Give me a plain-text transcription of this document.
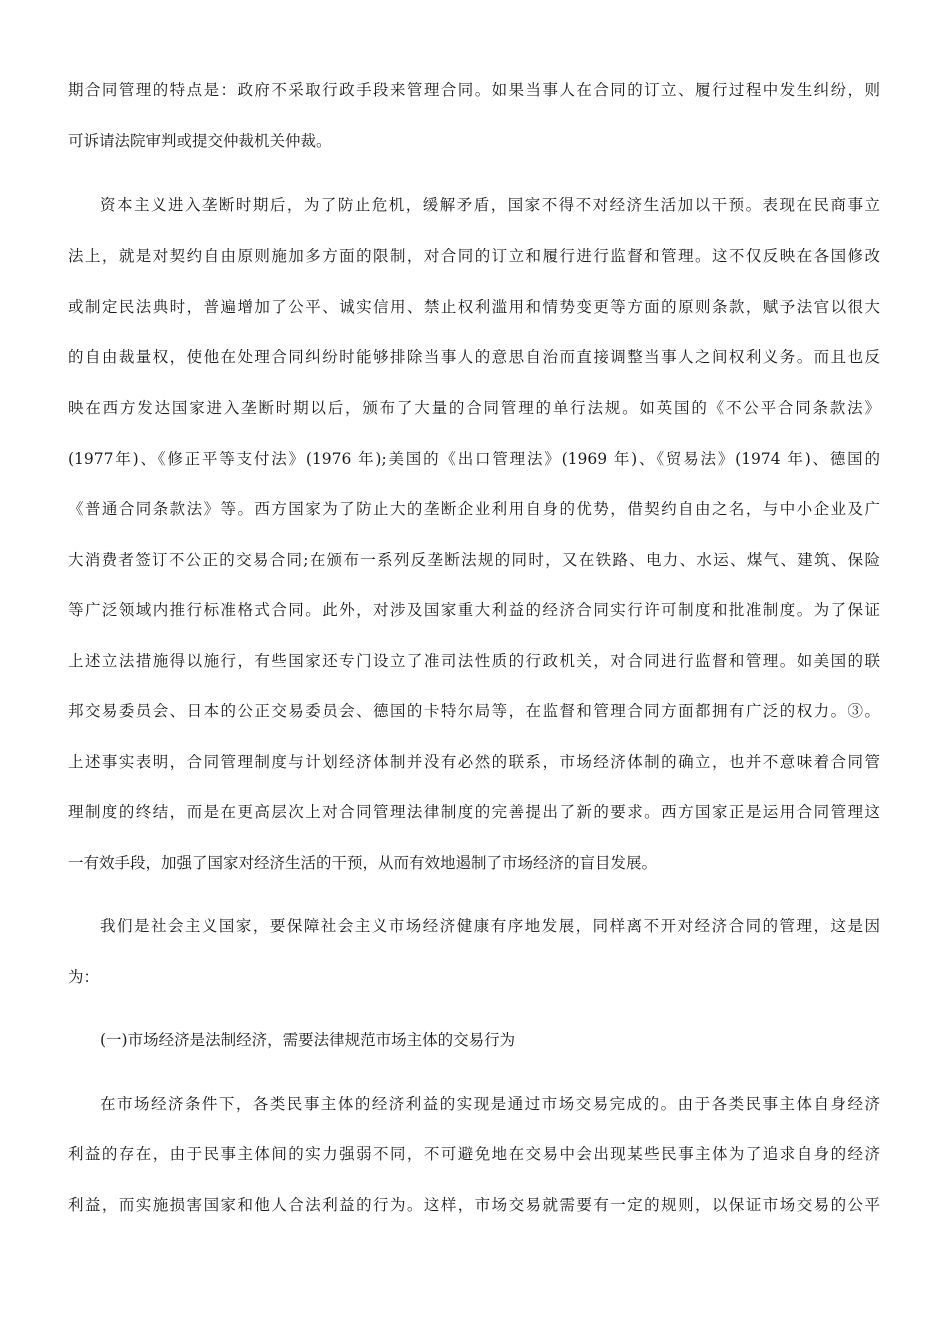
期合同管理的特点是：政府不采取行政手段来管理合同。如果当事人在合同的订立、履行过程中发生纠纷，则
可诉请法院审判或提交仲裁机关仲裁。
资本主义进入垄断时期后，为了防止危机，缓解矛盾，国家不得不对经济生活加以干预。表现在民商事立
法上，就是对契约自由原则施加多方面的限制，对合同的订立和履行进行监督和管理。这不仅反映在各国修改
或制定民法典时，普遍增加了公平、诚实信用、禁止权利滥用和情势变更等方面的原则条款，赋予法官以很大
的自由裁量权，使他在处理合同纠纷时能够排除当事人的意思自治而直接调整当事人之间权利义务。而且也反
映在西方发达国家进入垄断时期以后，颁布了大量的合同管理的单行法规。如英国的《不公平合同条款法》
(1977年)、《修正平等支付法》(1976 年);美国的《出口管理法》(1969 年)、《贸易法》(1974 年)、德国的
《普通合同条款法》等。西方国家为了防止大的垄断企业利用自身的优势，借契约自由之名，与中小企业及广
大消费者签订不公正的交易合同;在颁布一系列反垄断法规的同时，又在铁路、电力、水运、煤气、建筑、保险
等广泛领域内推行标准格式合同。此外，对涉及国家重大利益的经济合同实行许可制度和批准制度。为了保证
上述立法措施得以施行，有些国家还专门设立了准司法性质的行政机关，对合同进行监督和管理。如美国的联
邦交易委员会、日本的公正交易委员会、德国的卡特尔局等，在监督和管理合同方面都拥有广泛的权力。③。
上述事实表明，合同管理制度与计划经济体制并没有必然的联系，市场经济体制的确立，也并不意味着合同管
理制度的终结，而是在更高层次上对合同管理法律制度的完善提出了新的要求。西方国家正是运用合同管理这
一有效手段，加强了国家对经济生活的干预，从而有效地遏制了市场经济的盲目发展。
我们是社会主义国家，要保障社会主义市场经济健康有序地发展，同样离不开对经济合同的管理，这是因
为：
(一)市场经济是法制经济，需要法律规范市场主体的交易行为
在市场经济条件下，各类民事主体的经济利益的实现是通过市场交易完成的。由于各类民事主体自身经济
利益的存在，由于民事主体间的实力强弱不同，不可避免地在交易中会出现某些民事主体为了追求自身的经济
利益，而实施损害国家和他人合法利益的行为。这样，市场交易就需要有一定的规则，以保证市场交易的公平
